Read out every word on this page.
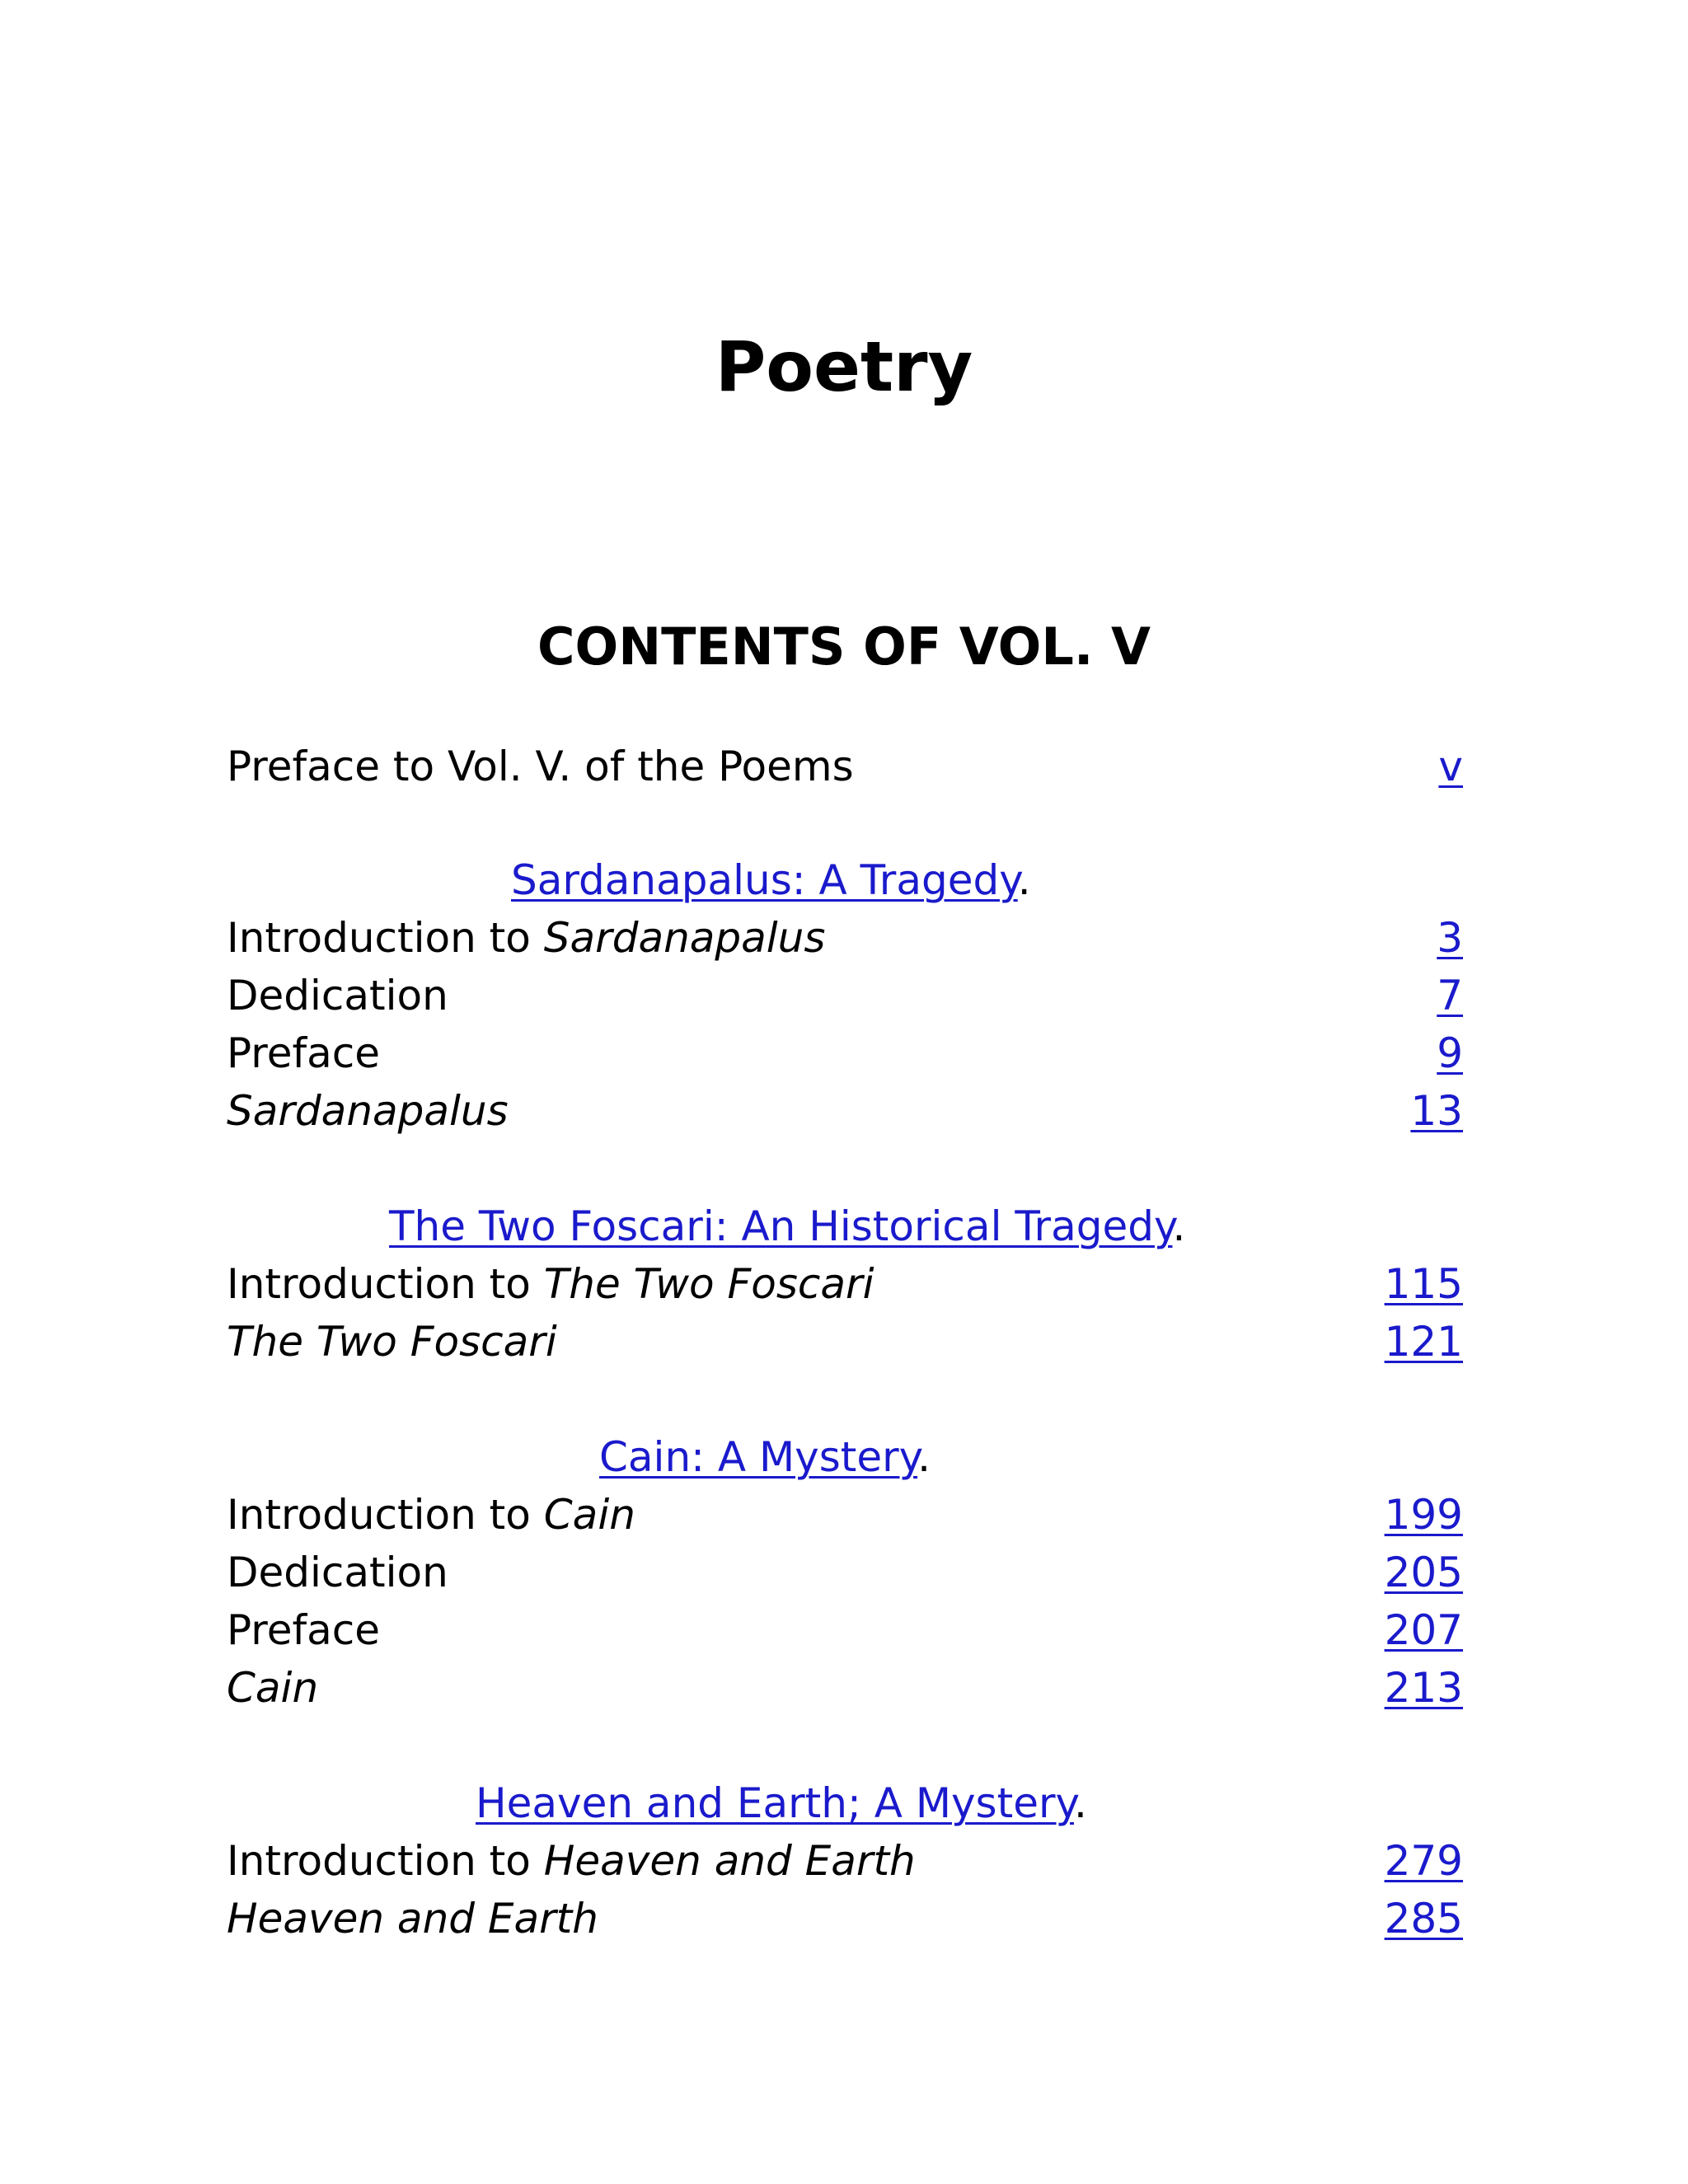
Poetry
CONTENTS OF VOL. V
Preface to Vol. V. of the Poems	v
Sardanapalus: A Tragedy.
Introduction to Sardanapalus	3
Dedication	7
Preface	9
Sardanapalus	13
The Two Foscari: An Historical Tragedy.
Introduction to The Two Foscari	115
The Two Foscari	121
Cain: A Mystery.
Introduction to Cain	199
Dedication	205
Preface	207
Cain	213
Heaven and Earth; A Mystery.
Introduction to Heaven and Earth	279
Heaven and Earth	285
